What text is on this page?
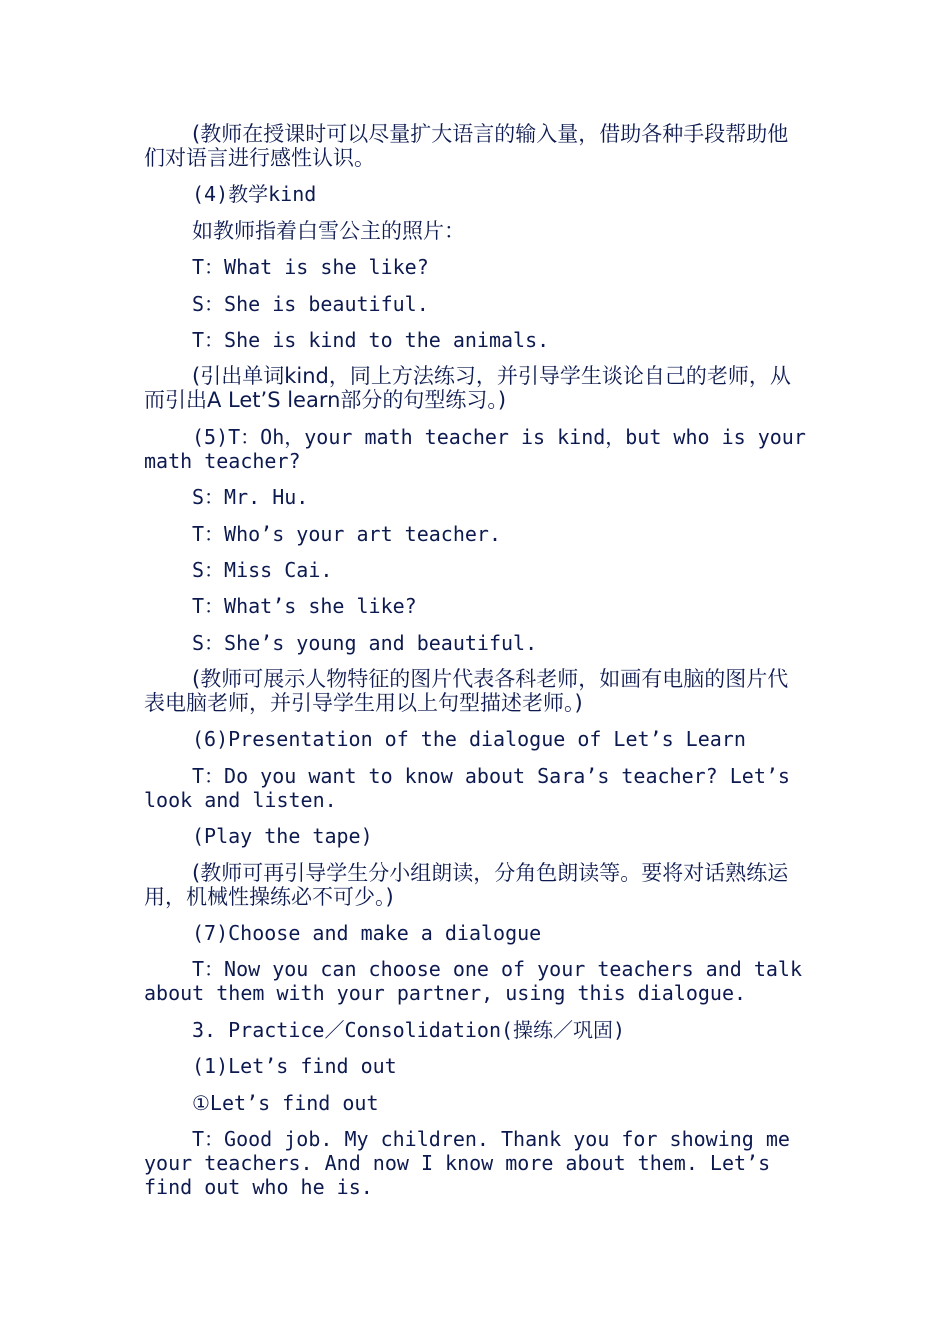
(教师在授课时可以尽量扩大语言的输入量，借助各种手段帮助他们对语言进行感性认识。

(4)教学kind

如教师指着白雪公主的照片：

T：What is she like?

S：She is beautiful.

T：She is kind to the animals.

(引出单词kind，同上方法练习，并引导学生谈论自己的老师，从而引出A Let’S learn部分的句型练习。)

(5)T：Oh，your math teacher is kind，but who is your math teacher?

S：Mr. Hu.

T：Who’s your art teacher.

S：Miss Cai.

T：What’s she like?

S：She’s young and beautiful.

(教师可展示人物特征的图片代表各科老师，如画有电脑的图片代表电脑老师，并引导学生用以上句型描述老师。)

(6)Presentation of the dialogue of Let’s Learn

T：Do you want to know about Sara’s teacher? Let’s look and listen.

(Play the tape)

(教师可再引导学生分小组朗读，分角色朗读等。要将对话熟练运用，机械性操练必不可少。)

(7)Choose and make a dialogue

T：Now you can choose one of your teachers and talk about them with your partner, using this dialogue.

3. Practice／Consolidation(操练／巩固)

(1)Let’s find out

①Let’s find out

T：Good job. My children. Thank you for showing me your teachers. And now I know more about them. Let’s find out who he is.
